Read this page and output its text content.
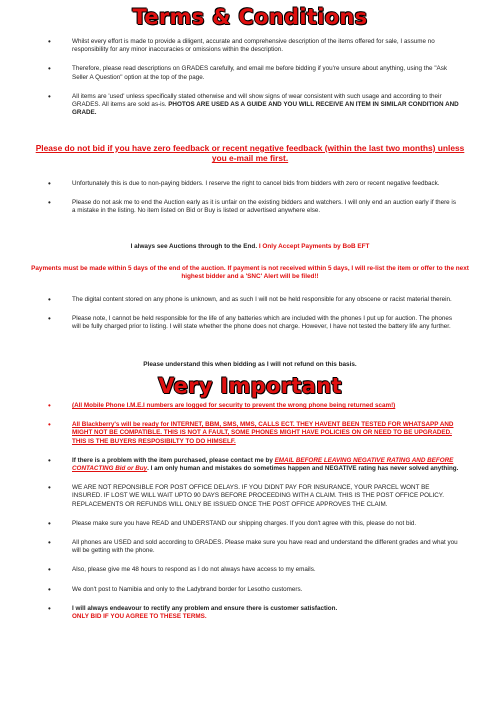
Terms & Conditions
•	Whilst every effort is made to provide a diligent, accurate and comprehensive description of the items offered for sale, I assume no responsibility for any minor inaccuracies or omissions within the description.
•	Therefore, please read descriptions on GRADES carefully, and email me before bidding if you're unsure about anything, using the "Ask Seller A Question" option at the top of the page.
•	All items are 'used' unless specifically stated otherwise and will show signs of wear consistent with such usage and according to their GRADES. All items are sold as-is. PHOTOS ARE USED AS A GUIDE AND YOU WILL RECEIVE AN ITEM IN SIMILAR CONDITION AND GRADE.
Please do not bid if you have zero feedback or recent negative feedback (within the last two months) unless you e-mail me first.
•	Unfortunately this is due to non-paying bidders. I reserve the right to cancel bids from bidders with zero or recent negative feedback.
•	Please do not ask me to end the Auction early as it is unfair on the existing bidders and watchers. I will only end an auction early if there is a mistake in the listing. No item listed on Bid or Buy is listed or advertised anywhere else.
I always see Auctions through to the End. I Only Accept Payments by BoB EFT
Payments must be made within 5 days of the end of the auction. If payment is not received within 5 days, I will re-list the item or offer to the next highest bidder and a 'SNC' Alert will be filed!!
•	The digital content stored on any phone is unknown, and as such I will not be held responsible for any obscene or racist material therein.
•	Please note, I cannot be held responsible for the life of any batteries which are included with the phones I put up for auction. The phones will be fully charged prior to listing. I will state whether the phone does not charge. However, I have not tested the battery life any further.
Please understand this when bidding as I will not refund on this basis.
Very Important
•	(All Mobile Phone I.M.E.I numbers are logged for security to prevent the wrong phone being returned scam!)
•	All Blackberry's will be ready for INTERNET, BBM, SMS, MMS, CALLS ECT. THEY HAVENT BEEN TESTED FOR WHATSAPP AND MIGHT NOT BE COMPATIBLE. THIS IS NOT A FAULT, SOME PHONES MIGHT HAVE POLICIES ON OR NEED TO BE UPGRADED. THIS IS THE BUYERS RESPOSIBILTY TO DO HIMSELF.
•	If there is a problem with the item purchased, please contact me by EMAIL BEFORE LEAVING NEGATIVE RATING AND BEFORE CONTACTING Bid or Buy. I am only human and mistakes do sometimes happen and NEGATIVE rating has never solved anything.
•	WE ARE NOT REPONSIBLE FOR POST OFFICE DELAYS. IF YOU DIDNT PAY FOR INSURANCE, YOUR PARCEL WONT BE INSURED. IF LOST WE WILL WAIT UPTO 90 DAYS BEFORE PROCEEDING WITH A CLAIM. THIS IS THE POST OFFICE POLICY. REPLACEMENTS OR REFUNDS WILL ONLY BE ISSUED ONCE THE POST OFFICE APPROVES THE CLAIM.
•	Please make sure you have READ and UNDERSTAND our shipping charges. If you don't agree with this, please do not bid.
•	All phones are USED and sold according to GRADES. Please make sure you have read and understand the different grades and what you will be getting with the phone.
•	Also, please give me 48 hours to respond as I do not always have access to my emails.
•	We don't post to Namibia and only to the Ladybrand border for Lesotho customers.
•	I will always endeavour to rectify any problem and ensure there is customer satisfaction.
ONLY BID IF YOU AGREE TO THESE TERMS.
